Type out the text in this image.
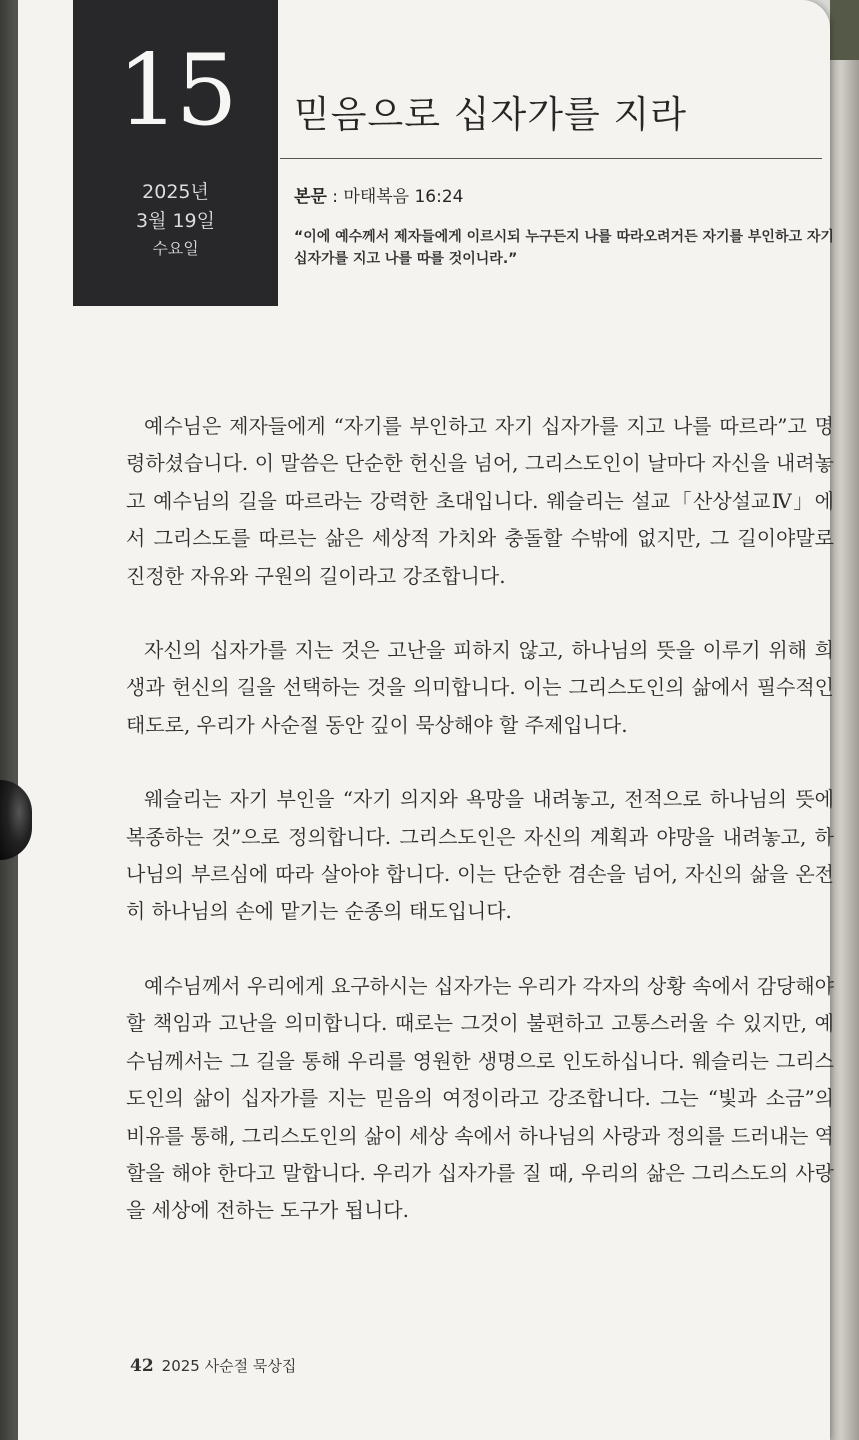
15
2025년
3월 19일
수요일
믿음으로 십자가를 지라
본문 : 마태복음 16:24
“이에 예수께서 제자들에게 이르시되 누구든지 나를 따라오려거든 자기를 부인하고 자기 십자가를 지고 나를 따를 것이니라.”

예수님은 제자들에게 “자기를 부인하고 자기 십자가를 지고 나를 따르라”고 명령하셨습니다. 이 말씀은 단순한 헌신을 넘어, 그리스도인이 날마다 자신을 내려놓고 예수님의 길을 따르라는 강력한 초대입니다. 웨슬리는 설교「산상설교Ⅳ」에서 그리스도를 따르는 삶은 세상적 가치와 충돌할 수밖에 없지만, 그 길이야말로 진정한 자유와 구원의 길이라고 강조합니다.

자신의 십자가를 지는 것은 고난을 피하지 않고, 하나님의 뜻을 이루기 위해 희생과 헌신의 길을 선택하는 것을 의미합니다. 이는 그리스도인의 삶에서 필수적인 태도로, 우리가 사순절 동안 깊이 묵상해야 할 주제입니다.

웨슬리는 자기 부인을 “자기 의지와 욕망을 내려놓고, 전적으로 하나님의 뜻에 복종하는 것”으로 정의합니다. 그리스도인은 자신의 계획과 야망을 내려놓고, 하나님의 부르심에 따라 살아야 합니다. 이는 단순한 겸손을 넘어, 자신의 삶을 온전히 하나님의 손에 맡기는 순종의 태도입니다.

예수님께서 우리에게 요구하시는 십자가는 우리가 각자의 상황 속에서 감당해야 할 책임과 고난을 의미합니다. 때로는 그것이 불편하고 고통스러울 수 있지만, 예수님께서는 그 길을 통해 우리를 영원한 생명으로 인도하십니다. 웨슬리는 그리스도인의 삶이 십자가를 지는 믿음의 여정이라고 강조합니다. 그는 “빛과 소금”의 비유를 통해, 그리스도인의 삶이 세상 속에서 하나님의 사랑과 정의를 드러내는 역할을 해야 한다고 말합니다. 우리가 십자가를 질 때, 우리의 삶은 그리스도의 사랑을 세상에 전하는 도구가 됩니다.

42 2025 사순절 묵상집
